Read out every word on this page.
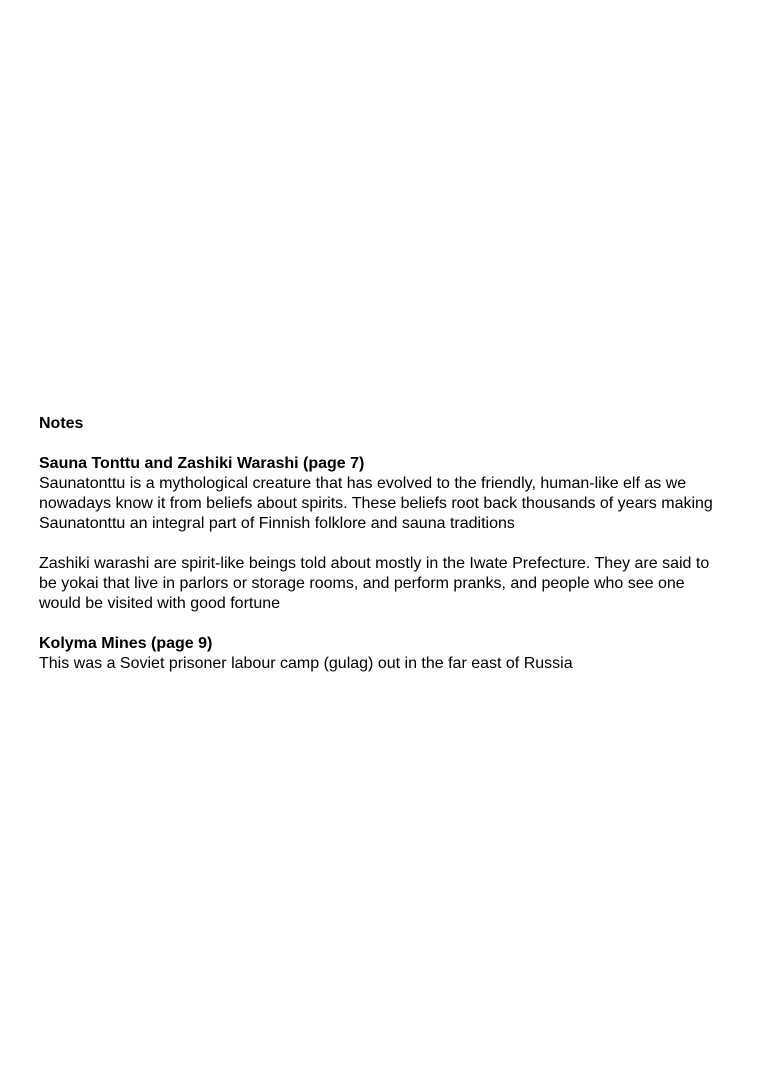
Notes

Sauna Tonttu and Zashiki Warashi (page 7)

Saunatonttu is a mythological creature that has evolved to the friendly, human-like elf as we nowadays know it from beliefs about spirits. These beliefs root back thousands of years making Saunatonttu an integral part of Finnish folklore and sauna traditions

Zashiki warashi are spirit-like beings told about mostly in the Iwate Prefecture. They are said to be yokai that live in parlors or storage rooms, and perform pranks, and people who see one would be visited with good fortune

Kolyma Mines (page 9)

This was a Soviet prisoner labour camp (gulag) out in the far east of Russia
